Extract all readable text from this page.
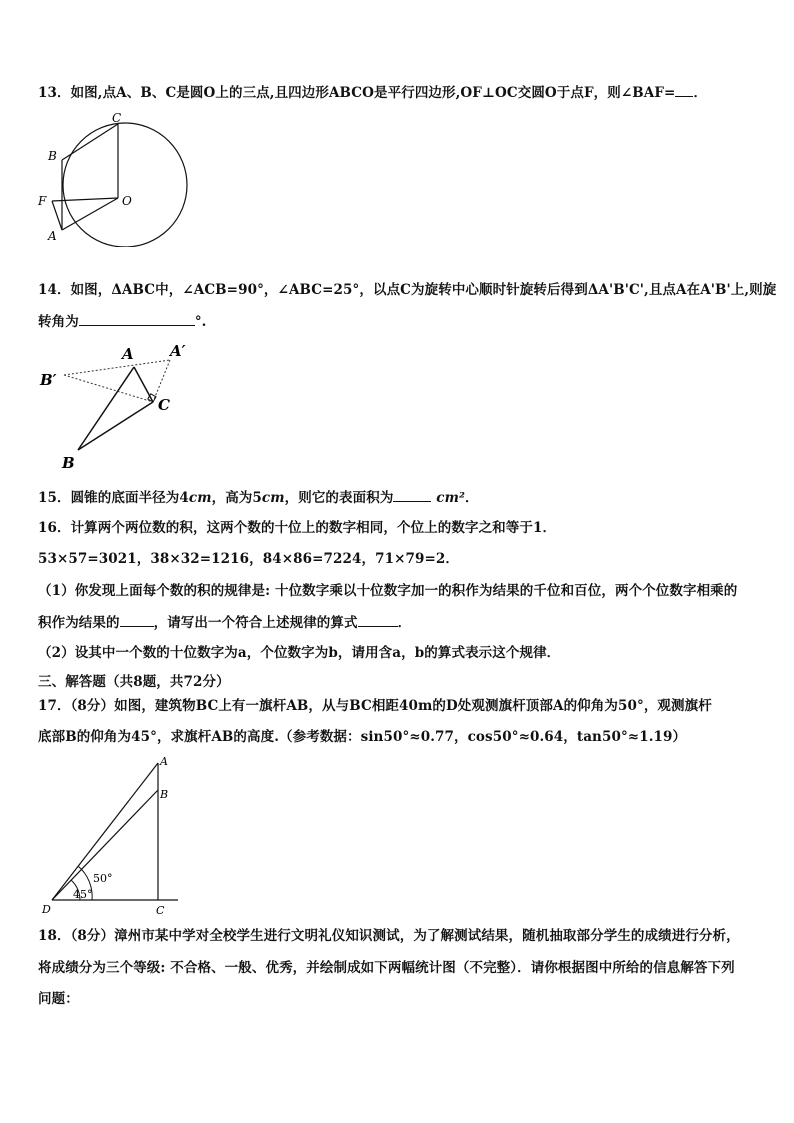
13．如图,点A、B、C是圆O上的三点,且四边形ABCO是平行四边形,OF⊥OC交圆O于点F，则∠BAF= ．
C
B
F	O
A
14．如图，ΔABC中，∠ACB=90°，∠ABC=25°，以点C为旋转中心顺时针旋转后得到ΔA'B'C',且点A在A'B'上,则旋
转角为	°.
A A′
B′
C
B
15．圆锥的底面半径为4cm，高为5cm，则它的表面积为	cm²．
16．计算两个两位数的积，这两个数的十位上的数字相同，个位上的数字之和等于1．
53×57=3021，38×32=1216，84×86=7224，71×79=2．
（1）你发现上面每个数的积的规律是: 十位数字乘以十位数字加一的积作为结果的千位和百位，两个个位数字相乘的
积作为结果的	，请写出一个符合上述规律的算式	．
（2）设其中一个数的十位数字为a，个位数字为b，请用含a，b的算式表示这个规律．
三、解答题（共8题，共72分）
17．（8分）如图，建筑物BC上有一旗杆AB，从与BC相距40m的D处观测旗杆顶部A的仰角为50°，观测旗杆
底部B的仰角为45°，求旗杆AB的高度.（参考数据：sin50°≈0.77，cos50°≈0.64，tan50°≈1.19）
A
B
C
D
50°
45°
18．（8分）漳州市某中学对全校学生进行文明礼仪知识测试，为了解测试结果，随机抽取部分学生的成绩进行分析，
将成绩分为三个等级: 不合格、一般、优秀，并绘制成如下两幅统计图（不完整）．请你根据图中所给的信息解答下列
问题：
